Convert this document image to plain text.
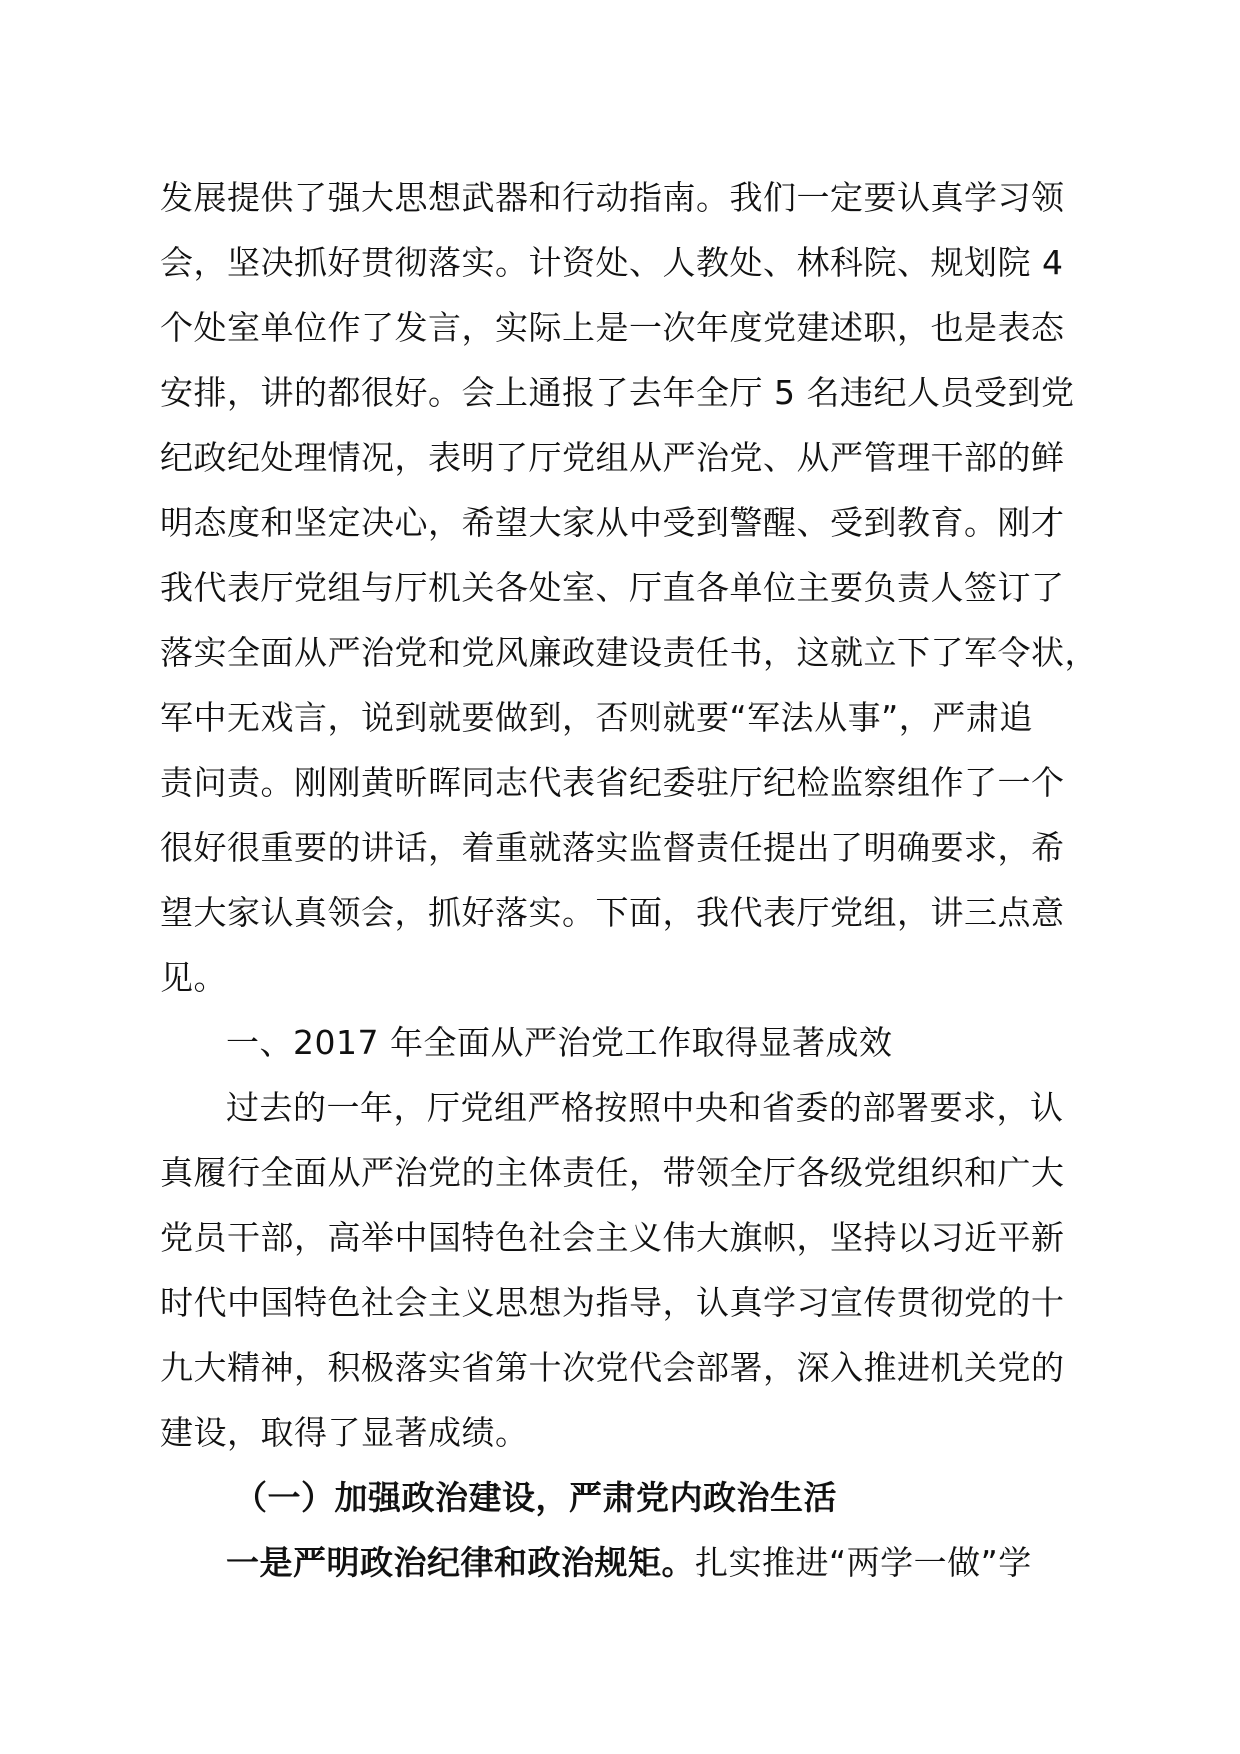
发展提供了强大思想武器和行动指南。我们一定要认真学习领
会，坚决抓好贯彻落实。计资处、人教处、林科院、规划院 4
个处室单位作了发言，实际上是一次年度党建述职，也是表态
安排，讲的都很好。会上通报了去年全厅 5 名违纪人员受到党
纪政纪处理情况，表明了厅党组从严治党、从严管理干部的鲜
明态度和坚定决心，希望大家从中受到警醒、受到教育。刚才
我代表厅党组与厅机关各处室、厅直各单位主要负责人签订了
落实全面从严治党和党风廉政建设责任书，这就立下了军令状，
军中无戏言，说到就要做到，否则就要“军法从事”，严肃追
责问责。刚刚黄昕晖同志代表省纪委驻厅纪检监察组作了一个
很好很重要的讲话，着重就落实监督责任提出了明确要求，希
望大家认真领会，抓好落实。下面，我代表厅党组，讲三点意
见。
一、2017 年全面从严治党工作取得显著成效
过去的一年，厅党组严格按照中央和省委的部署要求，认
真履行全面从严治党的主体责任，带领全厅各级党组织和广大
党员干部，高举中国特色社会主义伟大旗帜，坚持以习近平新
时代中国特色社会主义思想为指导，认真学习宣传贯彻党的十
九大精神，积极落实省第十次党代会部署，深入推进机关党的
建设，取得了显著成绩。
（一）加强政治建设，严肃党内政治生活
一是严明政治纪律和政治规矩。扎实推进“两学一做”学
